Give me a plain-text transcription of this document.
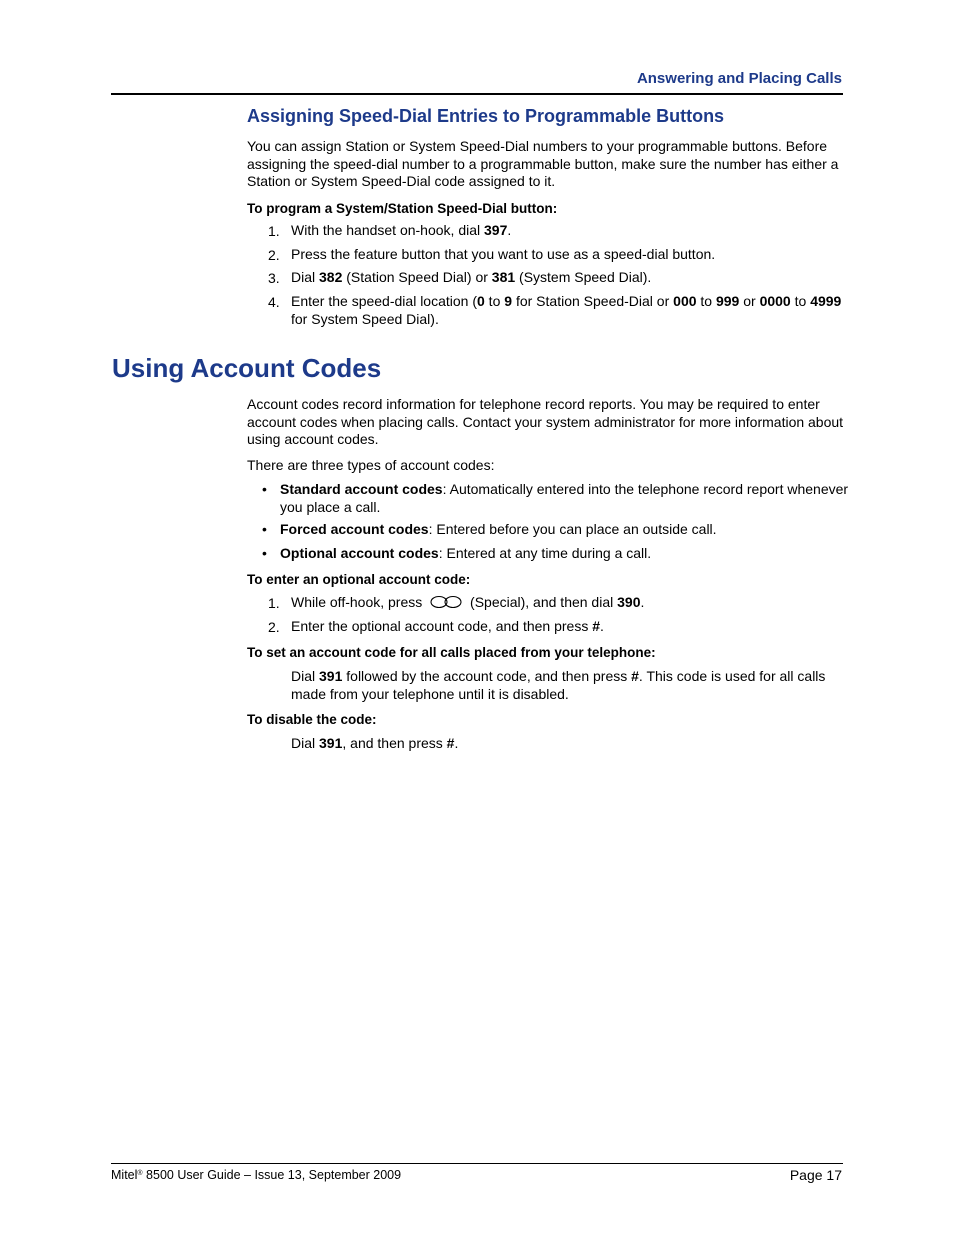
Answering and Placing Calls
Assigning Speed-Dial Entries to Programmable Buttons
You can assign Station or System Speed-Dial numbers to your programmable buttons. Before assigning the speed-dial number to a programmable button, make sure the number has either a Station or System Speed-Dial code assigned to it.
To program a System/Station Speed-Dial button:
1. With the handset on-hook, dial 397.
2. Press the feature button that you want to use as a speed-dial button.
3. Dial 382 (Station Speed Dial) or 381 (System Speed Dial).
4. Enter the speed-dial location (0 to 9 for Station Speed-Dial or 000 to 999 or 0000 to 4999 for System Speed Dial).
Using Account Codes
Account codes record information for telephone record reports. You may be required to enter account codes when placing calls. Contact your system administrator for more information about using account codes.
There are three types of account codes:
• Standard account codes: Automatically entered into the telephone record report whenever you place a call.
• Forced account codes: Entered before you can place an outside call.
• Optional account codes: Entered at any time during a call.
To enter an optional account code:
1. While off-hook, press	(Special), and then dial 390.
2. Enter the optional account code, and then press #.
To set an account code for all calls placed from your telephone:
Dial 391 followed by the account code, and then press #. This code is used for all calls made from your telephone until it is disabled.
To disable the code:
Dial 391, and then press #.
Mitel® 8500 User Guide – Issue 13, September 2009	Page 17
